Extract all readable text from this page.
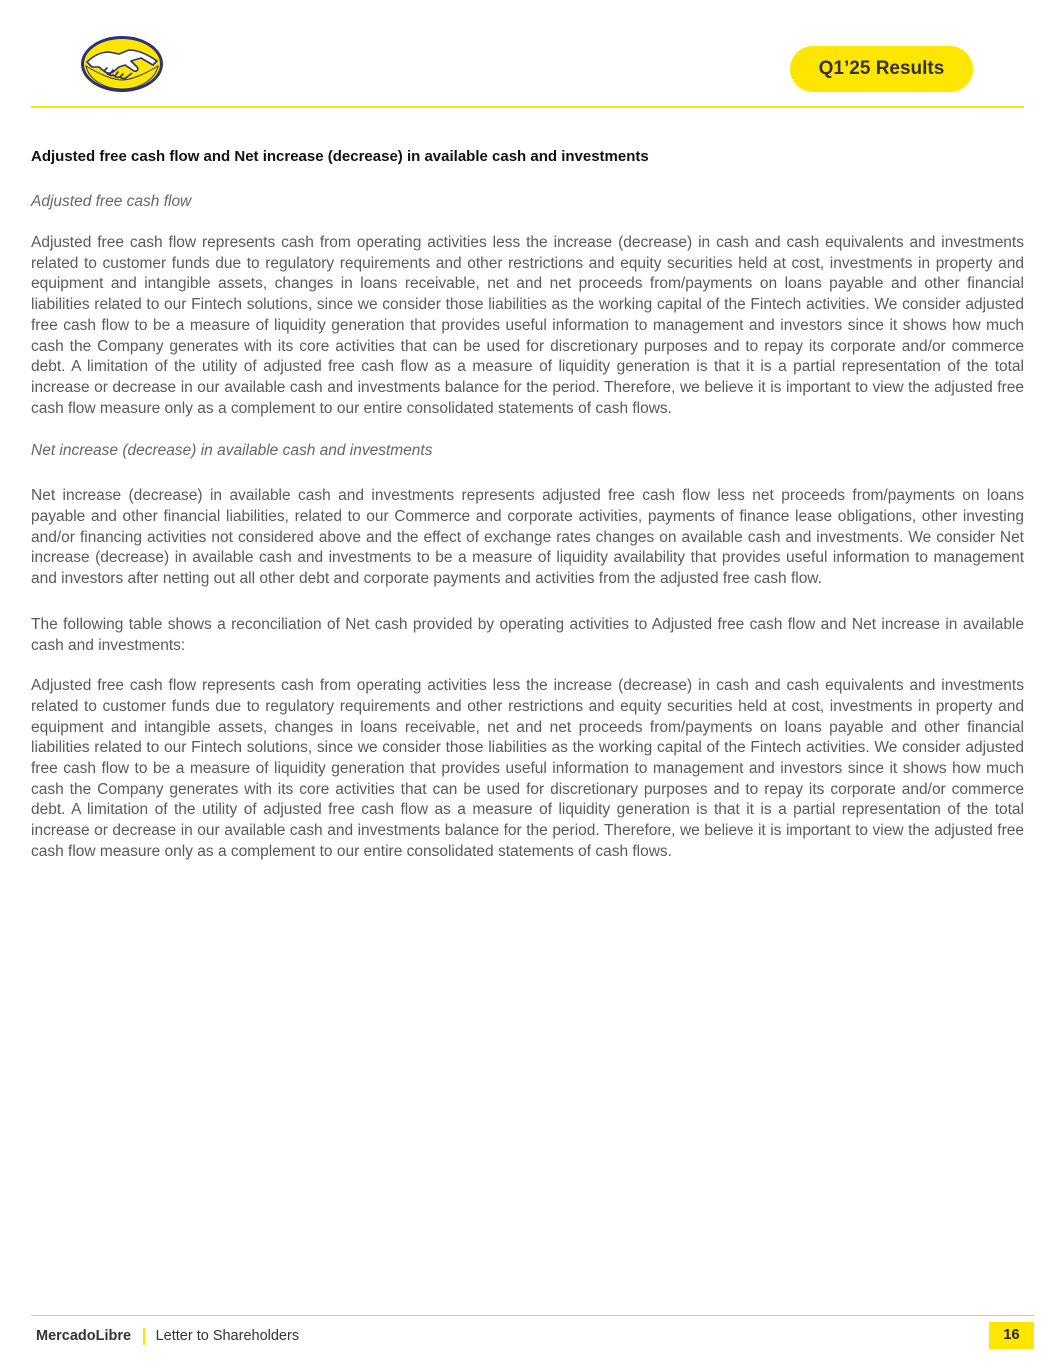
Q1’25 Results
Adjusted free cash flow and Net increase (decrease) in available cash and investments

Adjusted free cash flow

Adjusted free cash flow represents cash from operating activities less the increase (decrease) in cash and cash equivalents and investments related to customer funds due to regulatory requirements and other restrictions and equity securities held at cost, investments in property and equipment and intangible assets, changes in loans receivable, net and net proceeds from/payments on loans payable and other financial liabilities related to our Fintech solutions, since we consider those liabilities as the working capital of the Fintech activities. We consider adjusted free cash flow to be a measure of liquidity generation that provides useful information to management and investors since it shows how much cash the Company generates with its core activities that can be used for discretionary purposes and to repay its corporate and/or commerce debt. A limitation of the utility of adjusted free cash flow as a measure of liquidity generation is that it is a partial representation of the total increase or decrease in our available cash and investments balance for the period. Therefore, we believe it is important to view the adjusted free cash flow measure only as a complement to our entire consolidated statements of cash flows.

Net increase (decrease) in available cash and investments

Net increase (decrease) in available cash and investments represents adjusted free cash flow less net proceeds from/payments on loans payable and other financial liabilities, related to our Commerce and corporate activities, payments of finance lease obligations, other investing and/or financing activities not considered above and the effect of exchange rates changes on available cash and investments. We consider Net increase (decrease) in available cash and investments to be a measure of liquidity availability that provides useful information to management and investors after netting out all other debt and corporate payments and activities from the adjusted free cash flow.

The following table shows a reconciliation of Net cash provided by operating activities to Adjusted free cash flow and Net increase in available cash and investments:

Adjusted free cash flow represents cash from operating activities less the increase (decrease) in cash and cash equivalents and investments related to customer funds due to regulatory requirements and other restrictions and equity securities held at cost, investments in property and equipment and intangible assets, changes in loans receivable, net and net proceeds from/payments on loans payable and other financial liabilities related to our Fintech solutions, since we consider those liabilities as the working capital of the Fintech activities. We consider adjusted free cash flow to be a measure of liquidity generation that provides useful information to management and investors since it shows how much cash the Company generates with its core activities that can be used for discretionary purposes and to repay its corporate and/or commerce debt. A limitation of the utility of adjusted free cash flow as a measure of liquidity generation is that it is a partial representation of the total increase or decrease in our available cash and investments balance for the period. Therefore, we believe it is important to view the adjusted free cash flow measure only as a complement to our entire consolidated statements of cash flows.

MercadoLibre Letter to Shareholders	16
